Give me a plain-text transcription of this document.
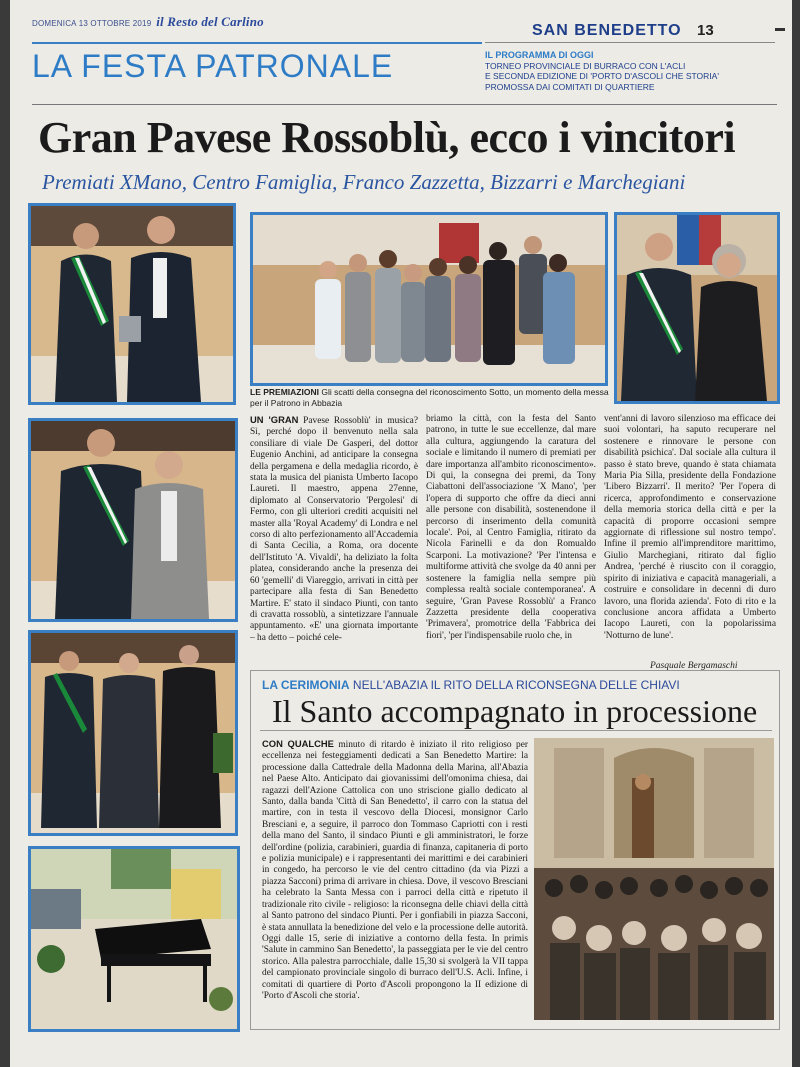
DOMENICA 13 OTTOBRE 2019 il Resto del Carlino
SAN BENEDETTO 13
LA FESTA PATRONALE	IL PROGRAMMA DI OGGI
TORNEO PROVINCIALE DI BURRACO CON L'ACLI
E SECONDA EDIZIONE DI 'PORTO D'ASCOLI CHE STORIA'
PROMOSSA DAI COMITATI DI QUARTIERE
Gran Pavese Rossoblù, ecco i vincitori
Premiati XMano, Centro Famiglia, Franco Zazzetta, Bizzarri e Marchegiani
LE PREMIAZIONI Gli scatti della consegna del riconoscimento Sotto, un momento della messa per il Patrono in Abbazia
UN 'GRAN Pavese Rossoblù' in musica? Sì, perché dopo il benvenuto nella sala consiliare di viale De Gasperi, del dottor Eugenio Anchini, ad anticipare la consegna della pergamena e della medaglia ricordo, è stata la musica del pianista Umberto Iacopo Laureti. Il maestro, appena 27enne, diplomato al Conservatorio 'Pergolesi' di Fermo, con gli ulteriori crediti acquisiti nel master alla 'Royal Academy' di Londra e nel corso di alto perfezionamento all'Accademia di Santa Cecilia, a Roma, ora docente dell'Istituto 'A. Vivaldi', ha deliziato la folta platea, considerando anche la presenza dei 60 'gemelli' di Viareggio, arrivati in città per partecipare alla festa di San Benedetto Martire. E' stato il sindaco Piunti, con tanto di cravatta rossoblù, a sintetizzare l'annuale appuntamento. «E' una giornata importante – ha detto – poiché cele-
briamo la città, con la festa del Santo patrono, in tutte le sue eccellenze, dal mare alla cultura, aggiungendo la caratura del sociale e limitando il numero di premiati per dare importanza all'ambito riconoscimento». Di qui, la consegna dei premi, da Tony Ciabattoni dell'associazione 'X Mano', 'per l'opera di supporto che offre da dieci anni alle persone con disabilità, sostenendone il percorso di inserimento della comunità locale'. Poi, al Centro Famiglia, ritirato da Nicola Farinelli e da don Romualdo Scarponi. La motivazione? 'Per l'intensa e multiforme attività che svolge da 40 anni per sostenere la famiglia nella sempre più complessa realtà sociale contemporanea'. A seguire, 'Gran Pavese Rossoblù' a Franco Zazzetta presidente della cooperativa 'Primavera', promotrice della 'Fabbrica dei fiori', 'per l'indispensabile ruolo che, in
vent'anni di lavoro silenzioso ma efficace dei suoi volontari, ha saputo recuperare nel sostenere e rinnovare le persone con disabilità psichica'. Dal sociale alla cultura il passo è stato breve, quando è stata chiamata Maria Pia Silla, presidente della Fondazione 'Libero Bizzarri'. Il merito? 'Per l'opera di ricerca, approfondimento e conservazione della memoria storica della città e per la capacità di proporre occasioni sempre aggiornate di riflessione sul nostro tempo'. Infine il premio all'imprenditore marittimo, Giulio Marchegiani, ritirato dal figlio Andrea, 'perché è riuscito con il coraggio, spirito di iniziativa e capacità manageriali, a costruire e consolidare in decenni di duro lavoro, una florida azienda'. Foto di rito e la conclusione ancora affidata a Umberto Iacopo Laureti, con la popolarissima 'Notturno de lune'.
Pasquale Bergamaschi
LA CERIMONIA NELL'ABAZIA IL RITO DELLA RICONSEGNA DELLE CHIAVI
Il Santo accompagnato in processione
CON QUALCHE minuto di ritardo è iniziato il rito religioso per eccellenza nei festeggiamenti dedicati a San Benedetto Martire: la processione dalla Cattedrale della Madonna della Marina, all'Abazia nel Paese Alto. Anticipato dai giovanissimi dell'omonima chiesa, dai ragazzi dell'Azione Cattolica con uno striscione giallo dedicato al Santo, dalla banda 'Città di San Benedetto', il carro con la statua del martire, con in testa il vescovo della Diocesi, monsignor Carlo Bresciani e, a seguire, il parroco don Tommaso Capriotti con i resti della mano del Santo, il sindaco Piunti e gli amministratori, le forze dell'ordine (polizia, carabinieri, guardia di finanza, capitaneria di porto e polizia municipale) e i rappresentanti dei marittimi e dei carabinieri in congedo, ha percorso le vie del centro cittadino (da via Pizzi a piazza Sacconi) prima di arrivare in chiesa. Dove, il vescovo Bresciani ha celebrato la Santa Messa con i parroci della città e ripetuto il tradizionale rito civile - religioso: la riconsegna delle chiavi della città al Santo patrono del sindaco Piunti. Per i gonfiabili in piazza Sacconi, è stata annullata la benedizione del velo e la processione delle autorità. Oggi dalle 15, serie di iniziative a contorno della festa. In primis 'Salute in cammino San Benedetto', la passeggiata per le vie del centro storico. Alla palestra parrocchiale, dalle 15,30 si svolgerà la VII tappa del campionato provinciale singolo di burraco dell'U.S. Acli. Infine, i comitati di quartiere di Porto d'Ascoli propongono la II edizione di 'Porto d'Ascoli che storia'.
